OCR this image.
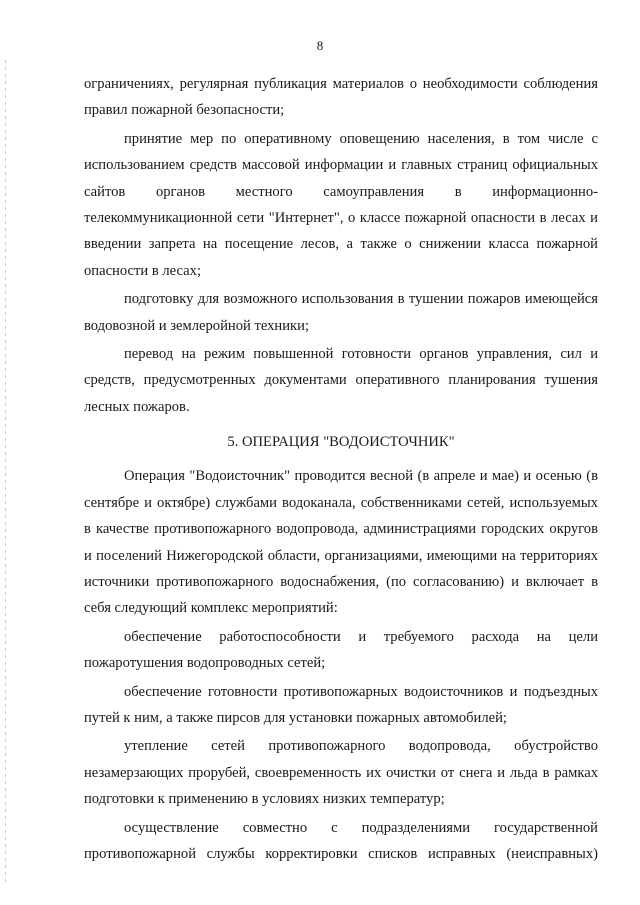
8

ограничениях, регулярная публикация материалов о необходимости соблюдения правил пожарной безопасности;

принятие мер по оперативному оповещению населения, в том числе с использованием средств массовой информации и главных страниц официальных сайтов органов местного самоуправления в информационно-телекоммуникационной сети "Интернет", о классе пожарной опасности в лесах и введении запрета на посещение лесов, а также о снижении класса пожарной опасности в лесах;

подготовку для возможного использования в тушении пожаров имеющейся водовозной и землеройной техники;

перевод на режим повышенной готовности органов управления, сил и средств, предусмотренных документами оперативного планирования тушения лесных пожаров.

5. ОПЕРАЦИЯ "ВОДОИСТОЧНИК"

Операция "Водоисточник" проводится весной (в апреле и мае) и осенью (в сентябре и октябре) службами водоканала, собственниками сетей, используемых в качестве противопожарного водопровода, администрациями городских округов и поселений Нижегородской области, организациями, имеющими на территориях источники противопожарного водоснабжения, (по согласованию) и включает в себя следующий комплекс мероприятий:

обеспечение работоспособности и требуемого расхода на цели пожаротушения водопроводных сетей;

обеспечение готовности противопожарных водоисточников и подъездных путей к ним, а также пирсов для установки пожарных автомобилей;

утепление сетей противопожарного водопровода, обустройство незамерзающих прорубей, своевременность их очистки от снега и льда в рамках подготовки к применению в условиях низких температур;

осуществление совместно с подразделениями государственной противопожарной службы корректировки списков исправных (неисправных)
